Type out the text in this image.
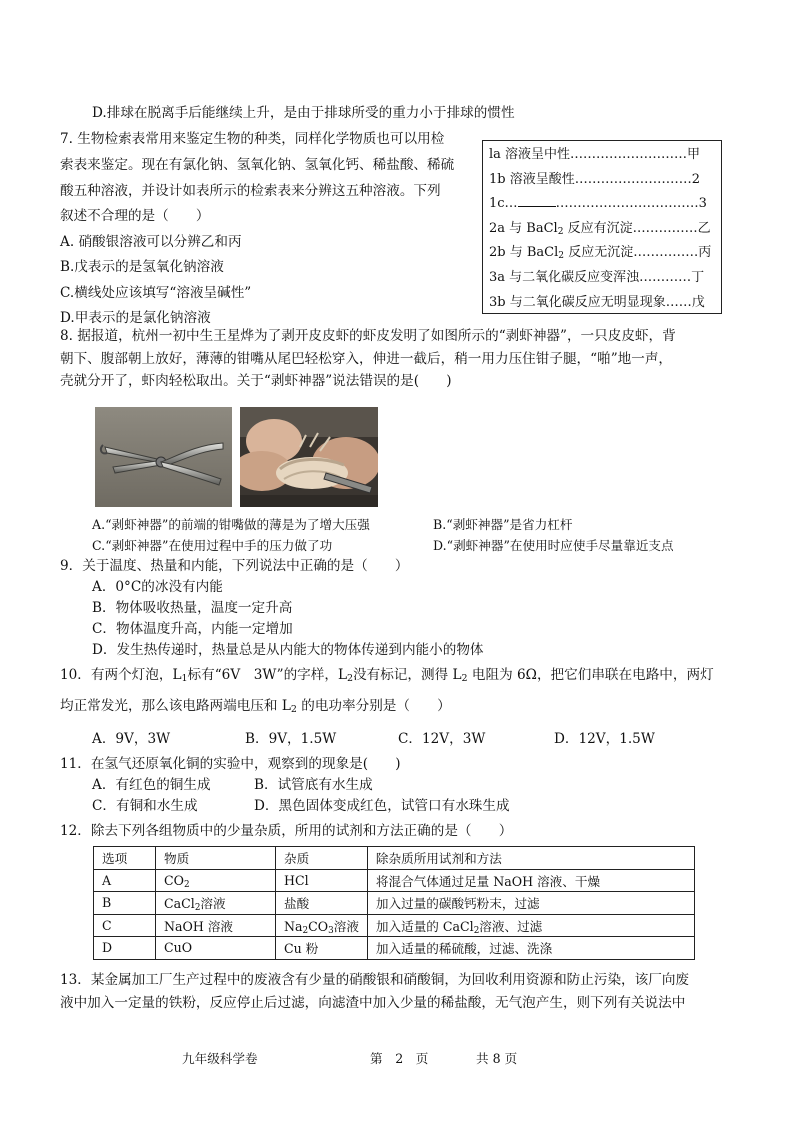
D.排球在脱离手后能继续上升，是由于排球所受的重力小于排球的惯性
7. 生物检索表常用来鉴定生物的种类，同样化学物质也可以用检
索表来鉴定。现在有氯化钠、氢氧化钠、氢氧化钙、稀盐酸、稀硫
酸五种溶液，并设计如表所示的检索表来分辨这五种溶液。下列
叙述不合理的是（　　）
A. 硝酸银溶液可以分辨乙和丙
B.戊表示的是氢氧化钠溶液
C.横线处应该填写“溶液呈碱性”
D.甲表示的是氯化钠溶液
la 溶液呈中性………………………甲
1b 溶液呈酸性………………………2
1c…	……………………………3
2a 与 BaCl$_2$ 反应有沉淀……………乙
2b 与 BaCl$_2$ 反应无沉淀……………丙
3a 与二氧化碳反应变浑浊…………丁
3b 与二氧化碳反应无明显现象……戊
8. 据报道，杭州一初中生王星烨为了剥开皮皮虾的虾皮发明了如图所示的“剥虾神器”，一只皮皮虾，背
朝下、腹部朝上放好，薄薄的钳嘴从尾巴轻松穿入，伸进一截后，稍一用力压住钳子腿，“啪”地一声，
壳就分开了，虾肉轻松取出。关于“剥虾神器”说法错误的是(　　)
A.“剥虾神器”的前端的钳嘴做的薄是为了增大压强	B.“剥虾神器”是省力杠杆
C.“剥虾神器”在使用过程中手的压力做了功	D.“剥虾神器”在使用时应使手尽量靠近支点
9．关于温度、热量和内能，下列说法中正确的是（　　）
A．0°C的冰没有内能
B．物体吸收热量，温度一定升高
C．物体温度升高，内能一定增加
D．发生热传递时，热量总是从内能大的物体传递到内能小的物体
10．有两个灯泡，$L_1$标有“6V　3W”的字样，$L_2$没有标记，测得 $L_2$ 电阻为 6Ω，把它们串联在电路中，两灯
均正常发光，那么该电路两端电压和 $L_2$ 的电功率分别是（　　）
A．9V，3W	B．9V，1.5W	C．12V，3W	D．12V，1.5W
11．在氢气还原氧化铜的实验中，观察到的现象是(　　)
A．有红色的铜生成	B．试管底有水生成
C．有铜和水生成	D．黑色固体变成红色，试管口有水珠生成
12．除去下列各组物质中的少量杂质，所用的试剂和方法正确的是（　　）
选项	物质	杂质	除杂质所用试剂和方法
A	$CO_2$	HCl	将混合气体通过足量 NaOH 溶液、干燥
B	CaCl$_2$溶液	盐酸	加入过量的碳酸钙粉末，过滤
C	NaOH 溶液	$Na_2CO_3$溶液	加入适量的 CaCl$_2$溶液、过滤
D	CuO	Cu 粉	加入适量的稀硫酸，过滤、洗涤
13．某金属加工厂生产过程中的废液含有少量的硝酸银和硝酸铜，为回收利用资源和防止污染，该厂向废
液中加入一定量的铁粉，反应停止后过滤，向滤渣中加入少量的稀盐酸，无气泡产生，则下列有关说法中
九年级科学卷	第　2　页	共 8 页
